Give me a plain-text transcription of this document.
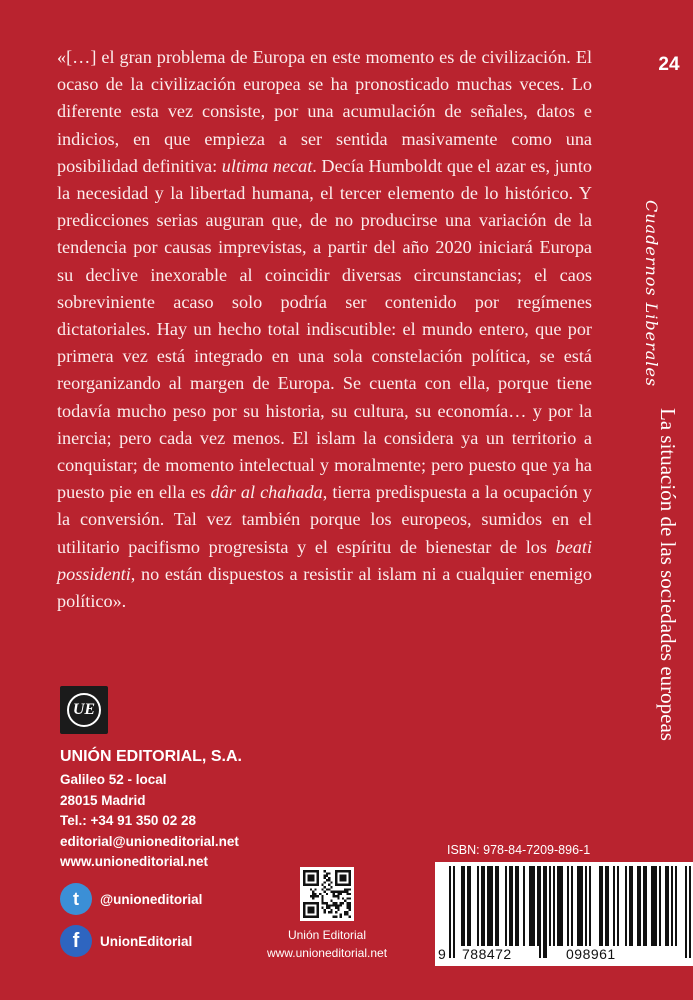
«[…] el gran problema de Europa en este momento es de civilización. El ocaso de la civilización europea se ha pronosticado muchas veces. Lo diferente esta vez consiste, por una acumulación de señales, datos e indicios, en que empieza a ser sentida masivamente como una posibilidad definitiva: ultima necat. Decía Humboldt que el azar es, junto la necesidad y la libertad humana, el tercer elemento de lo histórico. Y predicciones serias auguran que, de no producirse una variación de la tendencia por causas imprevistas, a partir del año 2020 iniciará Europa su declive inexorable al coincidir diversas circunstancias; el caos sobreviniente acaso solo podría ser contenido por regímenes dictatoriales. Hay un hecho total indiscutible: el mundo entero, que por primera vez está integrado en una sola constelación política, se está reorganizando al margen de Europa. Se cuenta con ella, porque tiene todavía mucho peso por su historia, su cultura, su economía… y por la inercia; pero cada vez menos. El islam la considera ya un territorio a conquistar; de momento intelectual y moralmente; pero puesto que ya ha puesto pie en ella es dâr al chahada, tierra predispuesta a la ocupación y la conversión. Tal vez también porque los europeos, sumidos en el utilitario pacifismo progresista y el espíritu de bienestar de los beati possidenti, no están dispuestos a resistir al islam ni a cualquier enemigo político».

24
Cuadernos Liberales
La situación de las sociedades europeas
UE
UNIÓN EDITORIAL, S.A.
Galileo 52 - local
28015 Madrid
Tel.: +34 91 350 02 28
editorial@unioneditorial.net
www.unioneditorial.net
t	@unioneditorial
f	UnionEditorial	Unión Editorial
www.unioneditorial.net
ISBN: 978-84-7209-896-1
9 788472	098961
